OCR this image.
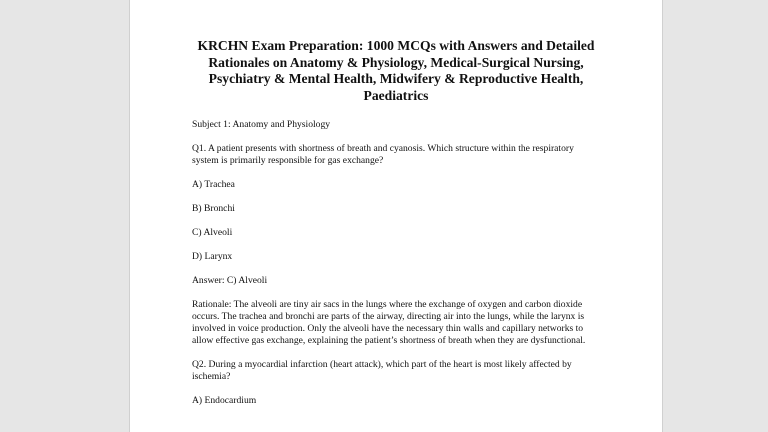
KRCHN Exam Preparation: 1000 MCQs with Answers and Detailed Rationales on Anatomy & Physiology, Medical-Surgical Nursing, Psychiatry & Mental Health, Midwifery & Reproductive Health, Paediatrics
Subject 1: Anatomy and Physiology
Q1. A patient presents with shortness of breath and cyanosis. Which structure within the respiratory system is primarily responsible for gas exchange?
A) Trachea
B) Bronchi
C) Alveoli
D) Larynx
Answer: C) Alveoli
Rationale: The alveoli are tiny air sacs in the lungs where the exchange of oxygen and carbon dioxide occurs. The trachea and bronchi are parts of the airway, directing air into the lungs, while the larynx is involved in voice production. Only the alveoli have the necessary thin walls and capillary networks to allow effective gas exchange, explaining the patient’s shortness of breath when they are dysfunctional.
Q2. During a myocardial infarction (heart attack), which part of the heart is most likely affected by ischemia?
A) Endocardium
